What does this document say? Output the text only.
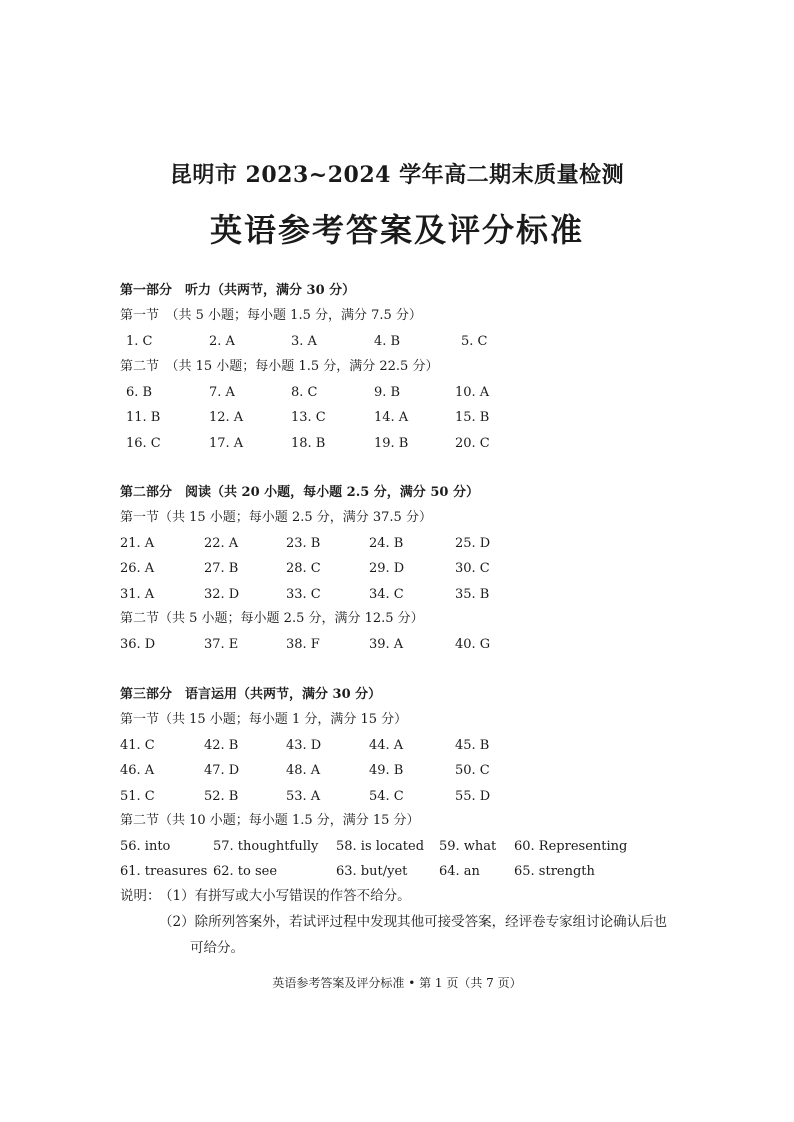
昆明市 2023~2024 学年高二期末质量检测
英语参考答案及评分标准
第一部分　听力（共两节，满分 30 分）
第一节　（共 5 小题；每小题 1.5 分，满分 7.5 分）
第二节　（共 15 小题；每小题 1.5 分，满分 22.5 分）
第二部分　阅读（共 20 小题，每小题 2.5 分，满分 50 分）
第一节（共 15 小题；每小题 2.5 分，满分 37.5 分）
第二节（共 5 小题；每小题 2.5 分，满分 12.5 分）
第三部分　语言运用（共两节，满分 30 分）
第一节（共 15 小题；每小题 1 分，满分 15 分）
第二节（共 10 小题；每小题 1.5 分，满分 15 分）
说明：
（1）有拼写或大小写错误的作答不给分。
（2）除所列答案外，若试评过程中发现其他可接受答案，经评卷专家组讨论确认后也
可给分。
英语参考答案及评分标准 • 第 1 页（共 7 页）
1. C	2. A	3. A	4. B	5. C
6. B	7. A	8. C	9. B	10. A
11. B	12. A	13. C	14. A	15. B
16. C	17. A	18. B	19. B	20. C
21. A	22. A	23. B	24. B	25. D
26. A	27. B	28. C	29. D	30. C
31. A	32. D	33. C	34. C	35. B
36. D	37. E	38. F	39. A	40. G
41. C	42. B	43. D	44. A	45. B
46. A	47. D	48. A	49. B	50. C
51. C	52. B	53. A	54. C	55. D
56. into	57. thoughtfully 58. is located 59. what 60. Representing
61. treasures 62. to see	63. but/yet 64. an	65. strength
